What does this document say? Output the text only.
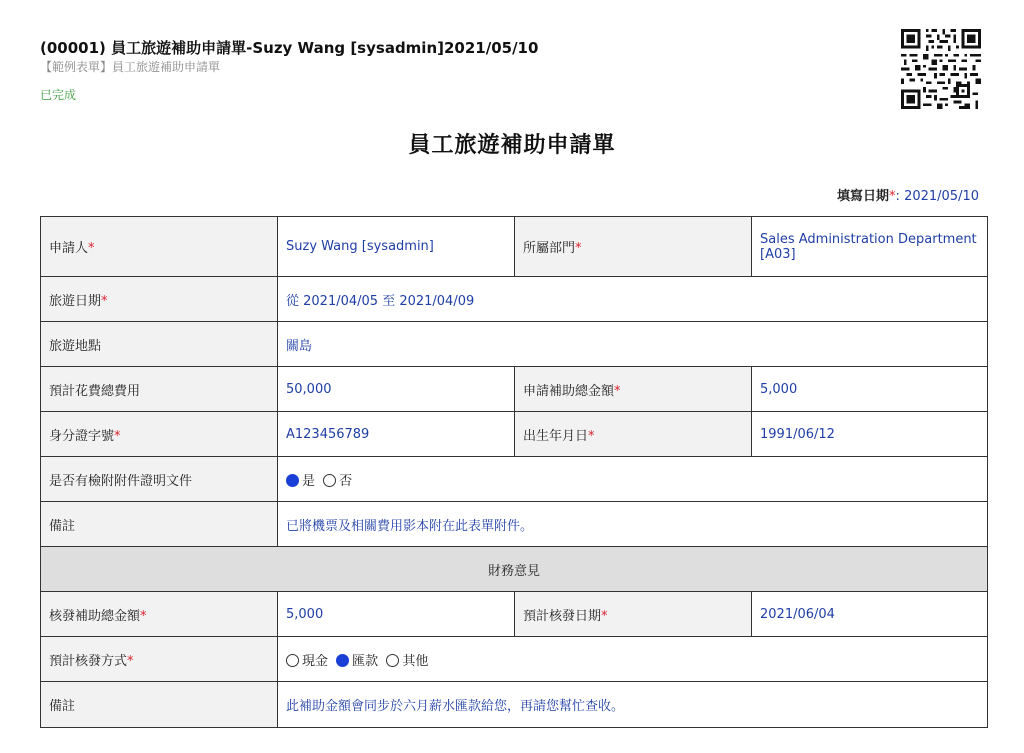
(00001) 員工旅遊補助申請單-Suzy Wang [sysadmin]2021/05/10
【範例表單】員工旅遊補助申請單
已完成
員工旅遊補助申請單
填寫日期*: 2021/05/10
申請人*	Suzy Wang [sysadmin]	所屬部門*	Sales Administration Department [A03]
旅遊日期*	從 2021/04/05 至 2021/04/09		
旅遊地點	關島		
預計花費總費用	50,000	申請補助總金額*	5,000
身分證字號*	A123456789	出生年月日*	1991/06/12
是否有檢附附件證明文件	是 否		
備註	已將機票及相關費用影本附在此表單附件。		
財務意見			
核發補助總金額*	5,000	預計核發日期*	2021/06/04
預計核發方式*	現金 匯款 其他		
備註	此補助金額會同步於六月薪水匯款給您，再請您幫忙查收。		
